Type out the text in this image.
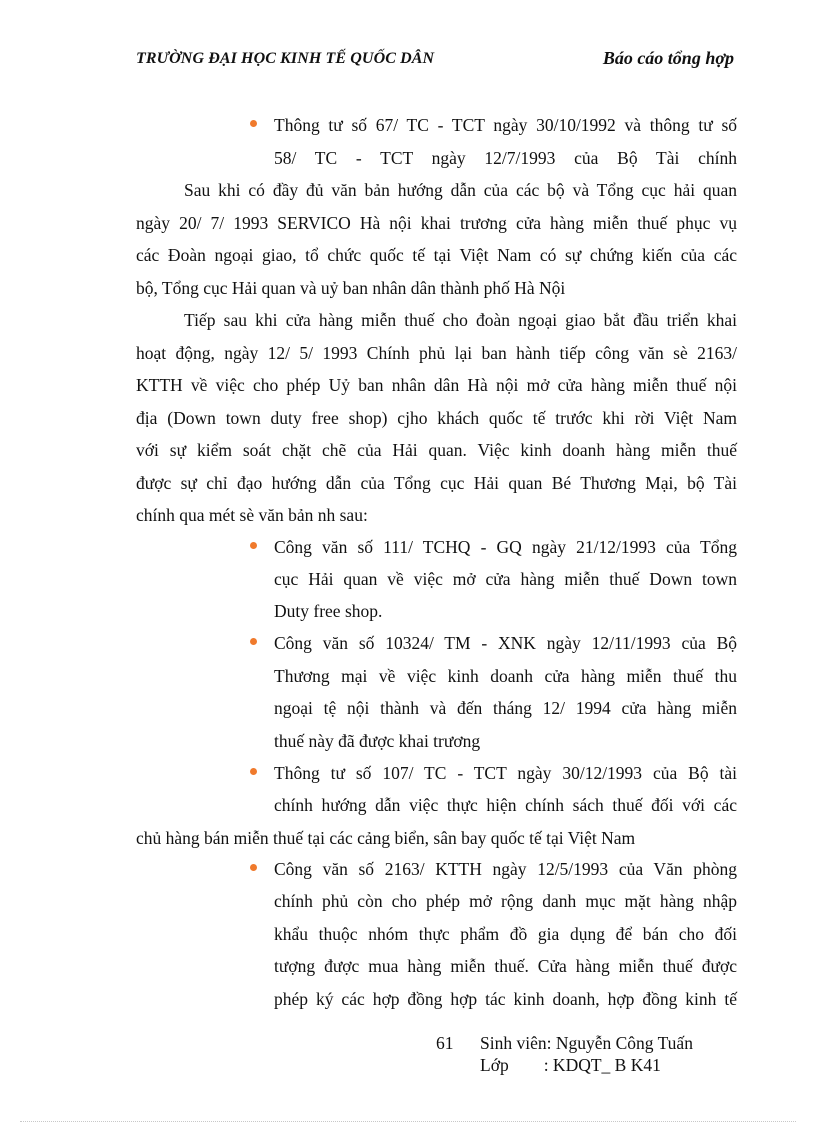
TRƯỜNG ĐẠI HỌC KINH TẾ QUỐC DÂN	Báo cáo tổng hợp
Thông tư số 67/ TC - TCT ngày 30/10/1992 và thông tư số
58/ TC - TCT ngày 12/7/1993 của Bộ Tài chính
Sau khi có đầy đủ văn bản hướng dẫn của các bộ và Tổng cục hải quan
ngày 20/ 7/ 1993 SERVICO Hà nội khai trương cửa hàng miễn thuế phục vụ
các Đoàn ngoại giao, tổ chức quốc tế tại Việt Nam có sự chứng kiến của các
bộ, Tổng cục Hải quan và uỷ ban nhân dân thành phố Hà Nội
Tiếp sau khi cửa hàng miễn thuế cho đoàn ngoại giao bắt đầu triển khai
hoạt động, ngày 12/ 5/ 1993 Chính phủ lại ban hành tiếp công văn sè 2163/
KTTH về việc cho phép Uỷ ban nhân dân Hà nội mở cửa hàng miễn thuế nội
địa (Down town duty free shop) cjho khách quốc tế trước khi rời Việt Nam
với sự kiểm soát chặt chẽ của Hải quan. Việc kinh doanh hàng miễn thuế
được sự chỉ đạo hướng dẫn của Tổng cục Hải quan Bé Thương Mại, bộ Tài
chính qua mét sè văn bản nh sau:
Công văn số 111/ TCHQ - GQ ngày 21/12/1993 của Tổng
cục Hải quan về việc mở cửa hàng miễn thuế Down town
Duty free shop.
Công văn số 10324/ TM - XNK ngày 12/11/1993 của Bộ
Thương mại về việc kinh doanh cửa hàng miễn thuế thu
ngoại tệ nội thành và đến tháng 12/ 1994 cửa hàng miễn
thuế này đã được khai trương
Thông tư số 107/ TC - TCT ngày 30/12/1993 của Bộ tài
chính hướng dẫn việc thực hiện chính sách thuế đối với các
chủ hàng bán miễn thuế tại các cảng biển, sân bay quốc tế tại Việt Nam
Công văn số 2163/ KTTH ngày 12/5/1993 của Văn phòng
chính phủ còn cho phép mở rộng danh mục mặt hàng nhập
khẩu thuộc nhóm thực phẩm đồ gia dụng để bán cho đối
tượng được mua hàng miễn thuế. Cửa hàng miễn thuế được
phép ký các hợp đồng hợp tác kinh doanh, hợp đồng kinh tế
61 Sinh viên: Nguyễn Công Tuấn
Lớp        : KDQT_ B K41
